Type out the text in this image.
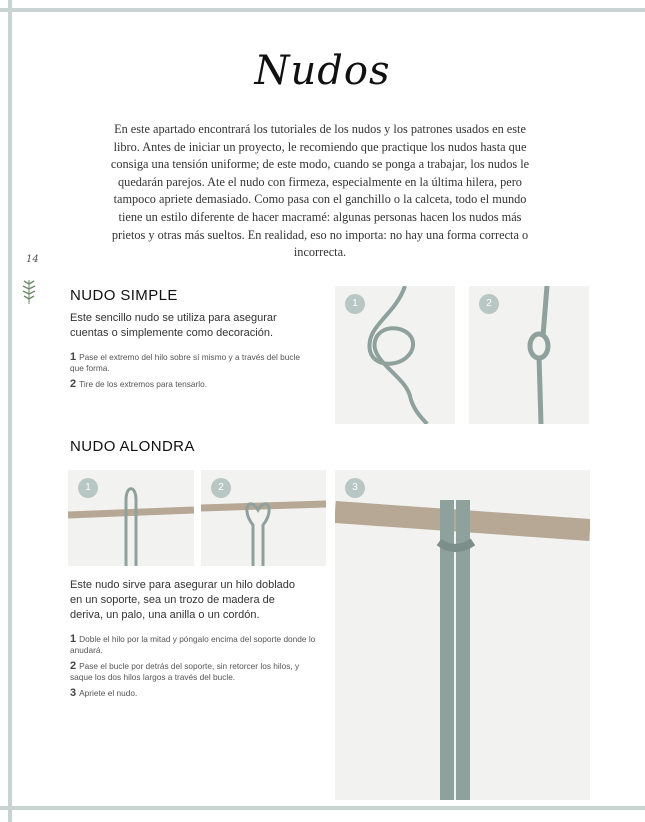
Nudos
En este apartado encontrará los tutoriales de los nudos y los patrones usados en este libro. Antes de iniciar un proyecto, le recomiendo que practique los nudos hasta que consiga una tensión uniforme; de este modo, cuando se ponga a trabajar, los nudos le quedarán parejos. Ate el nudo con firmeza, especialmente en la última hilera, pero tampoco apriete demasiado. Como pasa con el ganchillo o la calceta, todo el mundo tiene un estilo diferente de hacer macramé: algunas personas hacen los nudos más prietos y otras más sueltos. En realidad, eso no importa: no hay una forma correcta o incorrecta.
14
NUDO SIMPLE
Este sencillo nudo se utiliza para asegurar cuentas o simplemente como decoración.

1 Pase el extremo del hilo sobre sí mismo y a través del bucle que forma.

2 Tire de los extremos para tensarlo.

1	2
NUDO ALONDRA
1	2	3
Este nudo sirve para asegurar un hilo doblado en un soporte, sea un trozo de madera de deriva, un palo, una anilla o un cordón.

1 Doble el hilo por la mitad y póngalo encima del soporte donde lo anudará.

2 Pase el bucle por detrás del soporte, sin retorcer los hilos, y saque los dos hilos largos a través del bucle.

3 Apriete el nudo.
